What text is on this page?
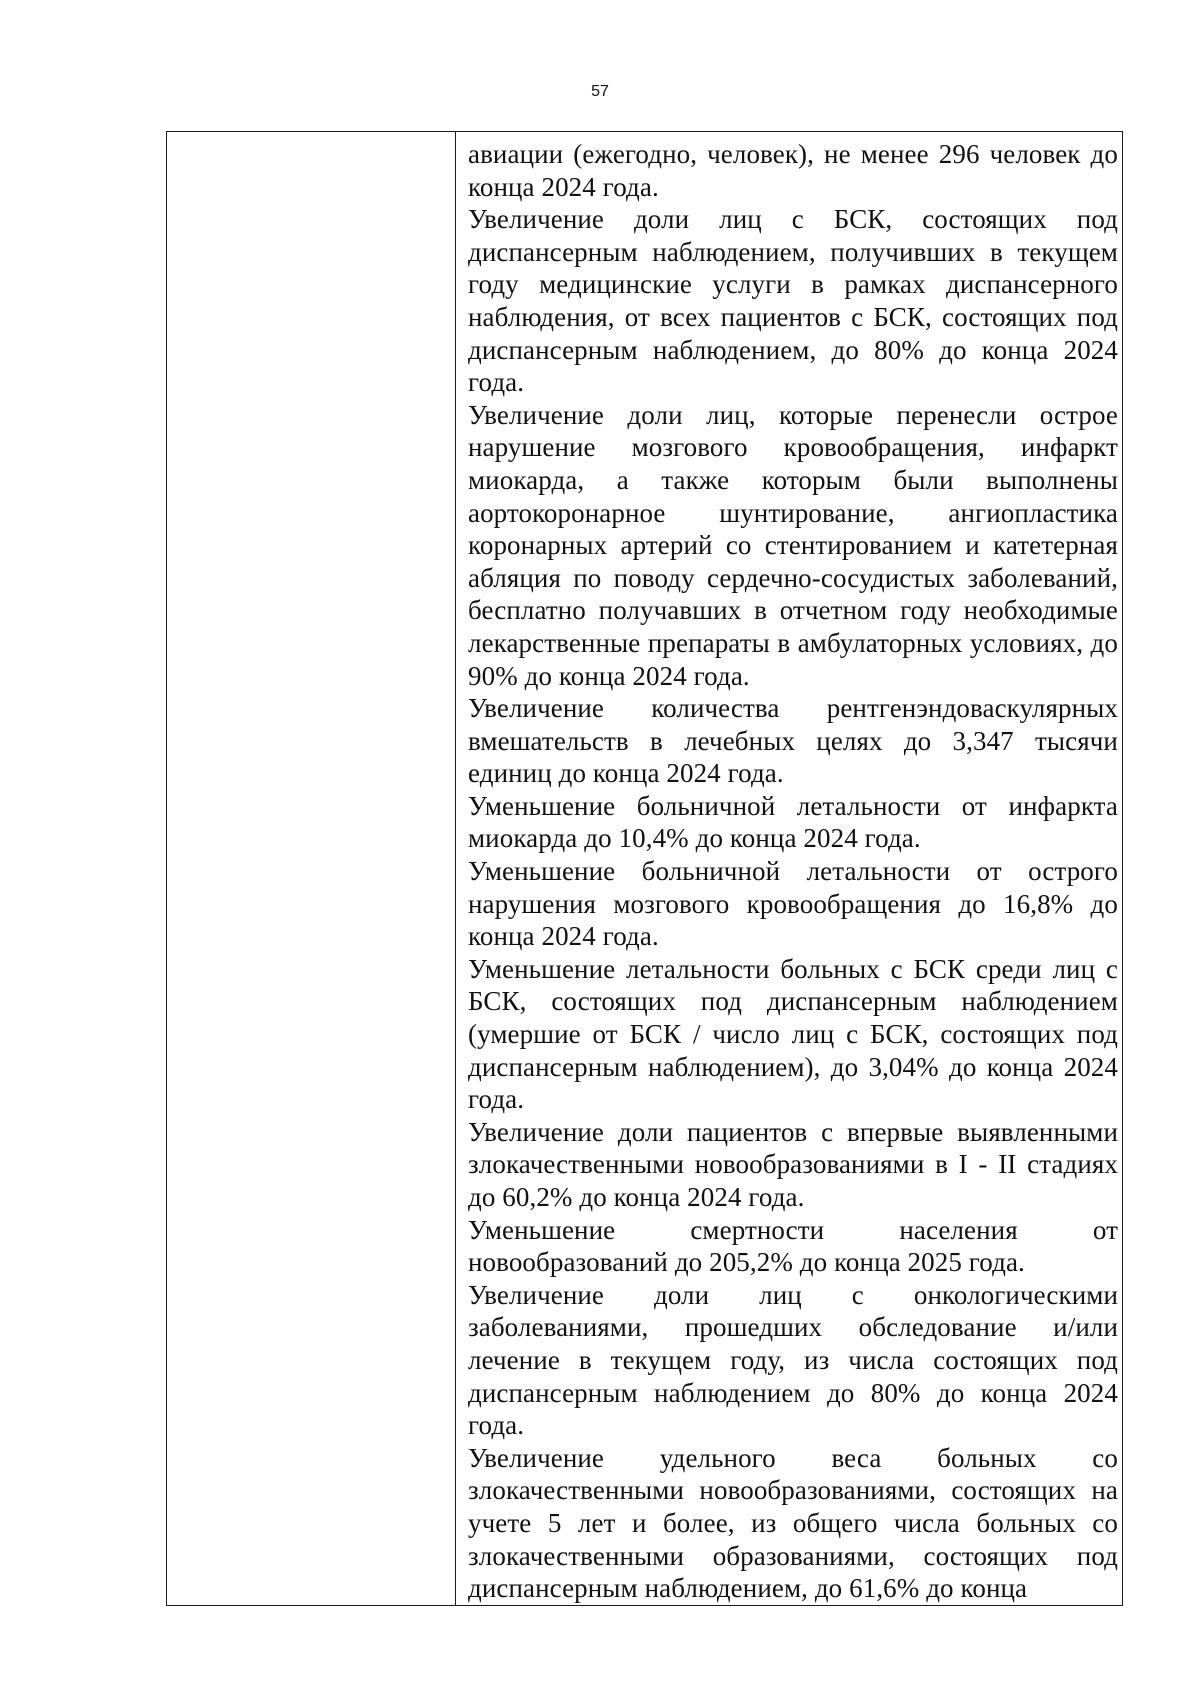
57

авиации (ежегодно, человек), не менее 296 человек до конца 2024 года.

Увеличение доли лиц с БСК, состоящих под диспансерным наблюдением, получивших в текущем году медицинские услуги в рамках диспансерного наблюдения, от всех пациентов с БСК, состоящих под диспансерным наблюдением, до 80% до конца 2024 года.

Увеличение доли лиц, которые перенесли острое нарушение мозгового кровообращения, инфаркт миокарда, а также которым были выполнены аортокоронарное шунтирование, ангиопластика коронарных артерий со стентированием и катетерная абляция по поводу сердечно-сосудистых заболеваний, бесплатно получавших в отчетном году необходимые лекарственные препараты в амбулаторных условиях, до 90% до конца 2024 года.

Увеличение количества рентгенэндоваскулярных вмешательств в лечебных целях до 3,347 тысячи единиц до конца 2024 года.

Уменьшение больничной летальности от инфаркта миокарда до 10,4% до конца 2024 года.

Уменьшение больничной летальности от острого нарушения мозгового кровообращения до 16,8% до конца 2024 года.

Уменьшение летальности больных с БСК среди лиц с БСК, состоящих под диспансерным наблюдением (умершие от БСК / число лиц с БСК, состоящих под диспансерным наблюдением), до 3,04% до конца 2024 года.

Увеличение доли пациентов с впервые выявленными злокачественными новообразованиями в I - II стадиях до 60,2% до конца 2024 года.

Уменьшение смертности населения от новообразований до 205,2% до конца 2025 года.

Увеличение доли лиц с онкологическими заболеваниями, прошедших обследование и/или лечение в текущем году, из числа состоящих под диспансерным наблюдением до 80% до конца 2024 года.

Увеличение удельного веса больных со злокачественными новообразованиями, состоящих на учете 5 лет и более, из общего числа больных со злокачественными образованиями, состоящих под диспансерным наблюдением, до 61,6% до конца
